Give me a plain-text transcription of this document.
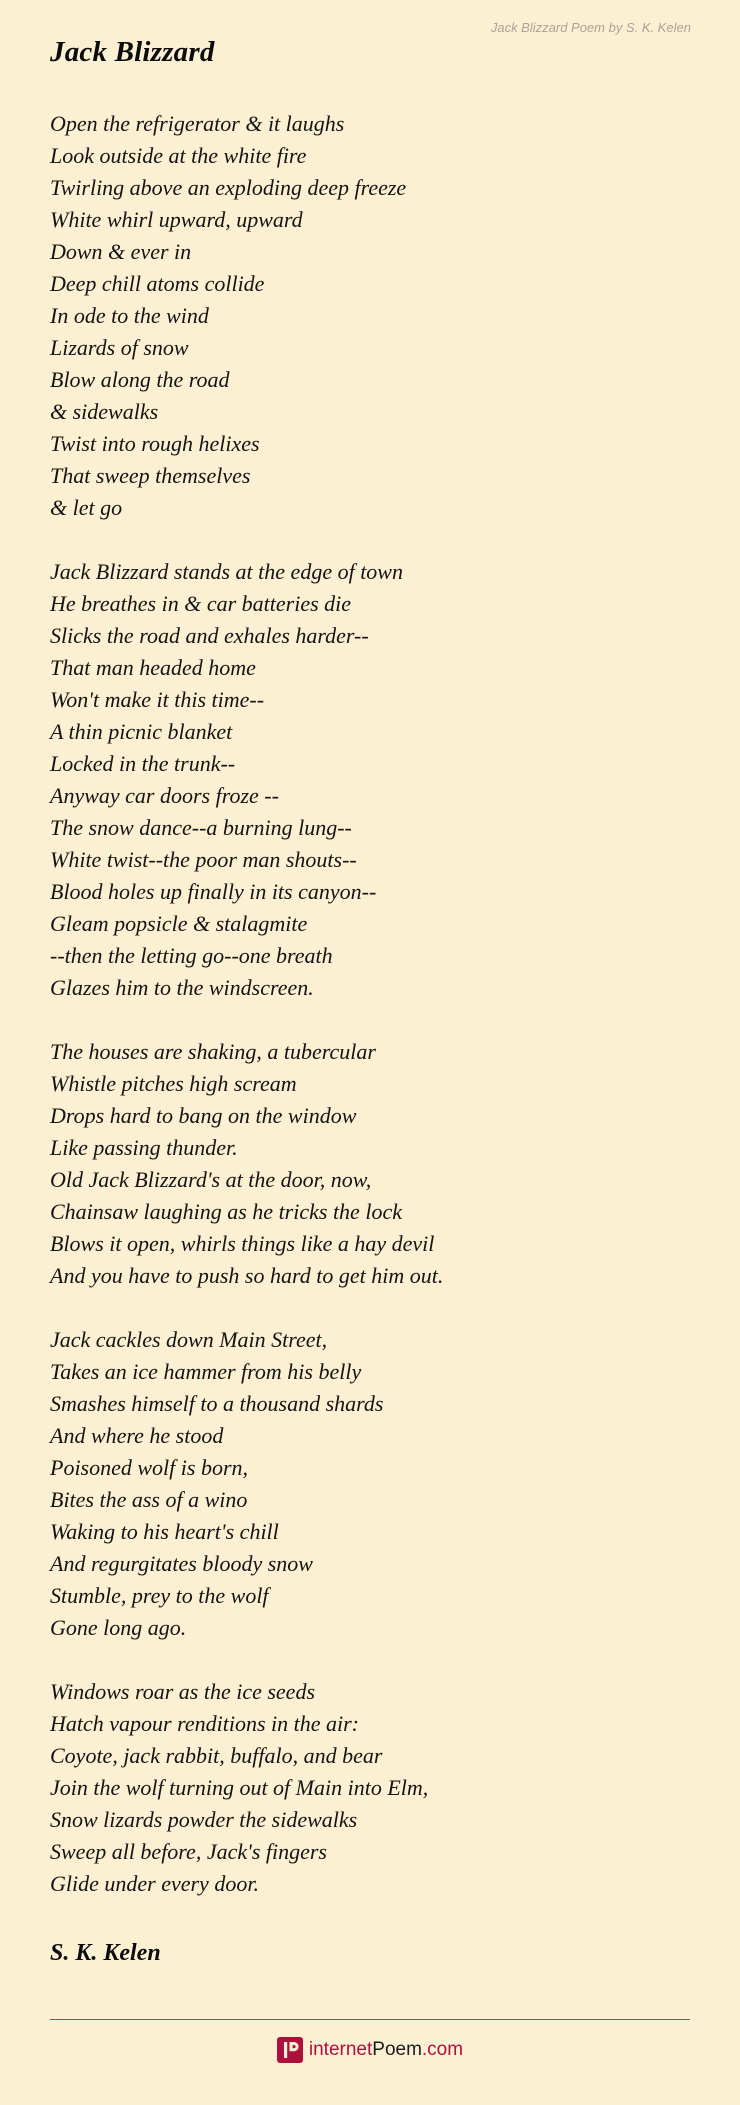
Jack Blizzard Poem by S. K. Kelen
Jack Blizzard
Open the refrigerator & it laughs
Look outside at the white fire
Twirling above an exploding deep freeze
White whirl upward, upward
Down & ever in
Deep chill atoms collide
In ode to the wind
Lizards of snow
Blow along the road
& sidewalks
Twist into rough helixes
That sweep themselves
& let go
Jack Blizzard stands at the edge of town
He breathes in & car batteries die
Slicks the road and exhales harder--
That man headed home
Won't make it this time--
A thin picnic blanket
Locked in the trunk--
Anyway car doors froze --
The snow dance--a burning lung--
White twist--the poor man shouts--
Blood holes up finally in its canyon--
Gleam popsicle & stalagmite
--then the letting go--one breath
Glazes him to the windscreen.
The houses are shaking, a tubercular
Whistle pitches high scream
Drops hard to bang on the window
Like passing thunder.
Old Jack Blizzard's at the door, now,
Chainsaw laughing as he tricks the lock
Blows it open, whirls things like a hay devil
And you have to push so hard to get him out.
Jack cackles down Main Street,
Takes an ice hammer from his belly
Smashes himself to a thousand shards
And where he stood
Poisoned wolf is born,
Bites the ass of a wino
Waking to his heart's chill
And regurgitates bloody snow
Stumble, prey to the wolf
Gone long ago.
Windows roar as the ice seeds
Hatch vapour renditions in the air:
Coyote, jack rabbit, buffalo, and bear
Join the wolf turning out of Main into Elm,
Snow lizards powder the sidewalks
Sweep all before, Jack's fingers
Glide under every door.
S. K. Kelen
internetPoem.com
